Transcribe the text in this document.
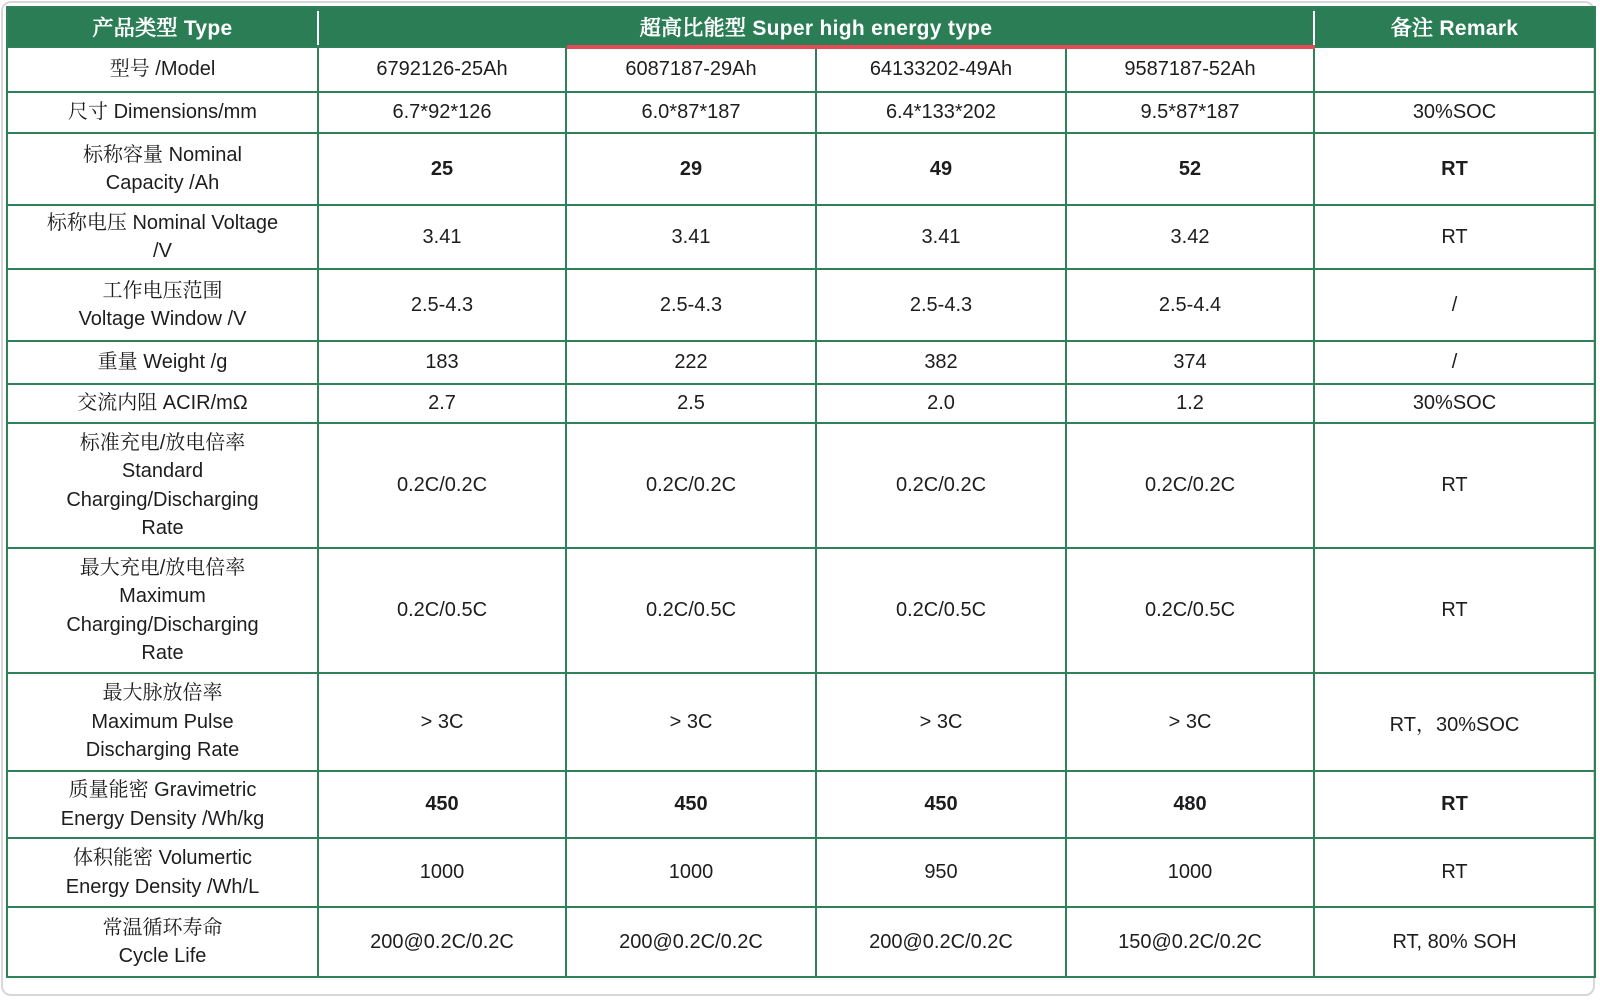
产品类型 Type	超高比能型 Super high energy type				备注 Remark
型号 /Model	6792126-25Ah	6087187-29Ah	64133202-49Ah	9587187-52Ah	
尺寸 Dimensions/mm	6.7*92*126	6.0*87*187	6.4*133*202	9.5*87*187	30%SOC
标称容量 Nominal
Capacity /Ah	25	29	49	52	RT
标称电压 Nominal Voltage
/V	3.41	3.41	3.41	3.42	RT
工作电压范围
Voltage Window /V	2.5-4.3	2.5-4.3	2.5-4.3	2.5-4.4	/
重量 Weight /g	183	222	382	374	/
交流内阻 ACIR/mΩ	2.7	2.5	2.0	1.2	30%SOC
标准充电/放电倍率
Standard
Charging/Discharging
Rate	0.2C/0.2C	0.2C/0.2C	0.2C/0.2C	0.2C/0.2C	RT
最大充电/放电倍率
Maximum
Charging/Discharging
Rate	0.2C/0.5C	0.2C/0.5C	0.2C/0.5C	0.2C/0.5C	RT
最大脉放倍率
Maximum Pulse
Discharging Rate	> 3C	> 3C	> 3C	> 3C	RT，30%SOC
质量能密 Gravimetric
Energy Density /Wh/kg	450	450	450	480	RT
体积能密 Volumertic
Energy Density /Wh/L	1000	1000	950	1000	RT
常温循环寿命
Cycle Life	200@0.2C/0.2C	200@0.2C/0.2C	200@0.2C/0.2C	150@0.2C/0.2C	RT, 80% SOH
